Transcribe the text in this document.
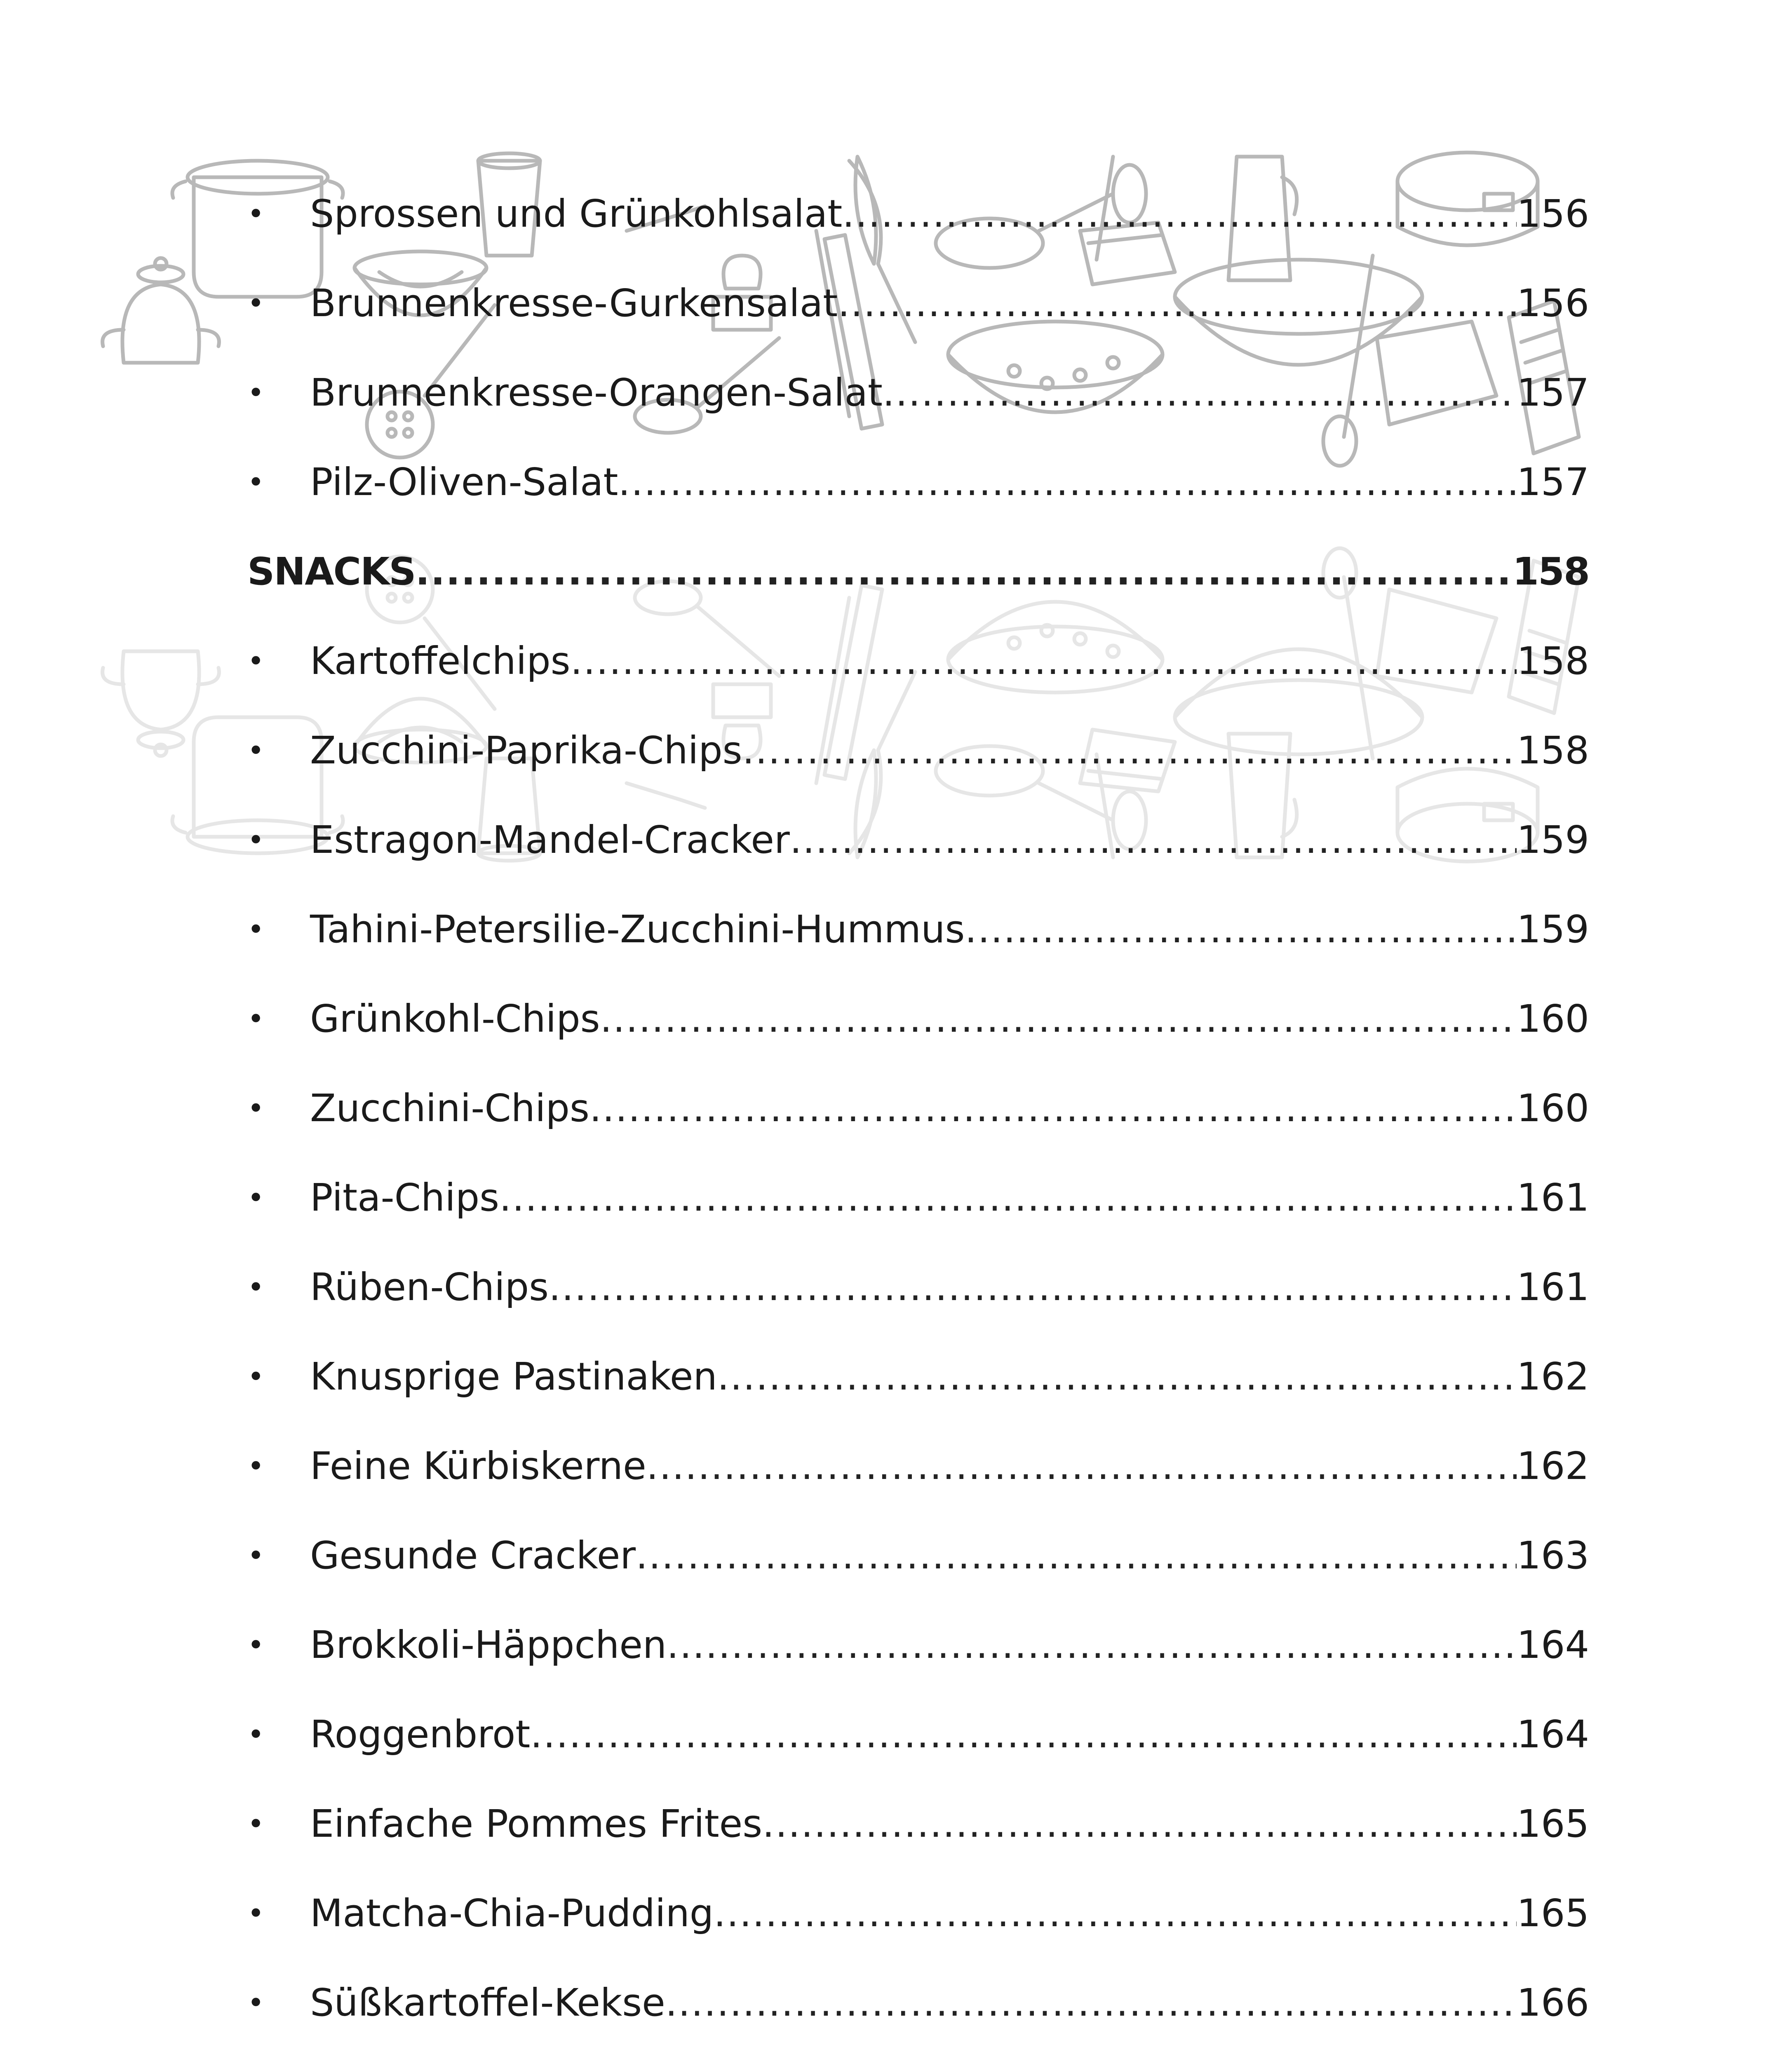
•	Sprossen und Grünkohlsalat .....	156
•	Brunnenkresse-Gurkensalat .....	156
•	Brunnenkresse-Orangen-Salat .....	157
•	Pilz-Oliven-Salat .....	157
SNACKS .....	158
•	Kartoffelchips .....	158
•	Zucchini-Paprika-Chips .....	158
•	Estragon-Mandel-Cracker .....	159
•	Tahini-Petersilie-Zucchini-Hummus .....	159
•	Grünkohl-Chips .....	160
•	Zucchini-Chips .....	160
•	Pita-Chips .....	161
•	Rüben-Chips .....	161
•	Knusprige Pastinaken .....	162
•	Feine Kürbiskerne .....	162
•	Gesunde Cracker .....	163
•	Brokkoli-Häppchen .....	164
•	Roggenbrot .....	164
•	Einfache Pommes Frites .....	165
•	Matcha-Chia-Pudding .....	165
•	Süßkartoffel-Kekse .....	166
